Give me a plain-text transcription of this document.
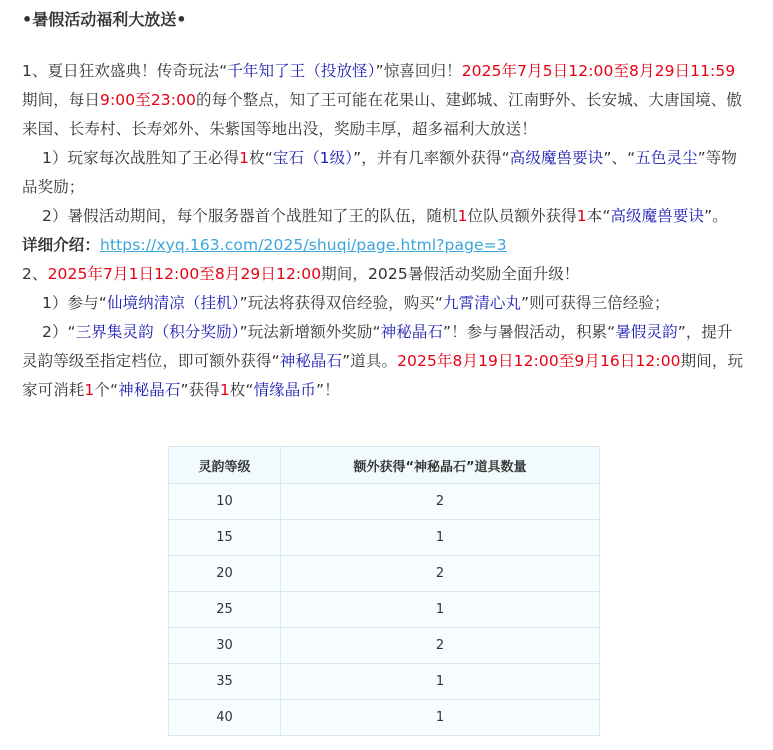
•暑假活动福利大放送•

1、夏日狂欢盛典！传奇玩法“千年知了王（投放怪）”惊喜回归！2025年7月5日12:00至8月29日11:59期间，每日9:00至23:00的每个整点，知了王可能在花果山、建邺城、江南野外、长安城、大唐国境、傲来国、长寿村、长寿郊外、朱紫国等地出没，奖励丰厚，超多福利大放送！

1）玩家每次战胜知了王必得1枚“宝石（1级）”，并有几率额外获得“高级魔兽要诀”、“五色灵尘”等物品奖励；

2）暑假活动期间，每个服务器首个战胜知了王的队伍，随机1位队员额外获得1本“高级魔兽要诀”。

详细介绍：https://xyq.163.com/2025/shuqi/page.html?page=3

2、2025年7月1日12:00至8月29日12:00期间，2025暑假活动奖励全面升级！

1）参与“仙境纳清凉（挂机）”玩法将获得双倍经验，购买“九霄清心丸”则可获得三倍经验；

2）“三界集灵韵（积分奖励）”玩法新增额外奖励“神秘晶石”！参与暑假活动，积累“暑假灵韵”，提升灵韵等级至指定档位，即可额外获得“神秘晶石”道具。2025年8月19日12:00至9月16日12:00期间，玩家可消耗1个“神秘晶石”获得1枚“情缘晶币”！

灵韵等级	额外获得“神秘晶石”道具数量
10	2
15	1
20	2
25	1
30	2
35	1
40	1
